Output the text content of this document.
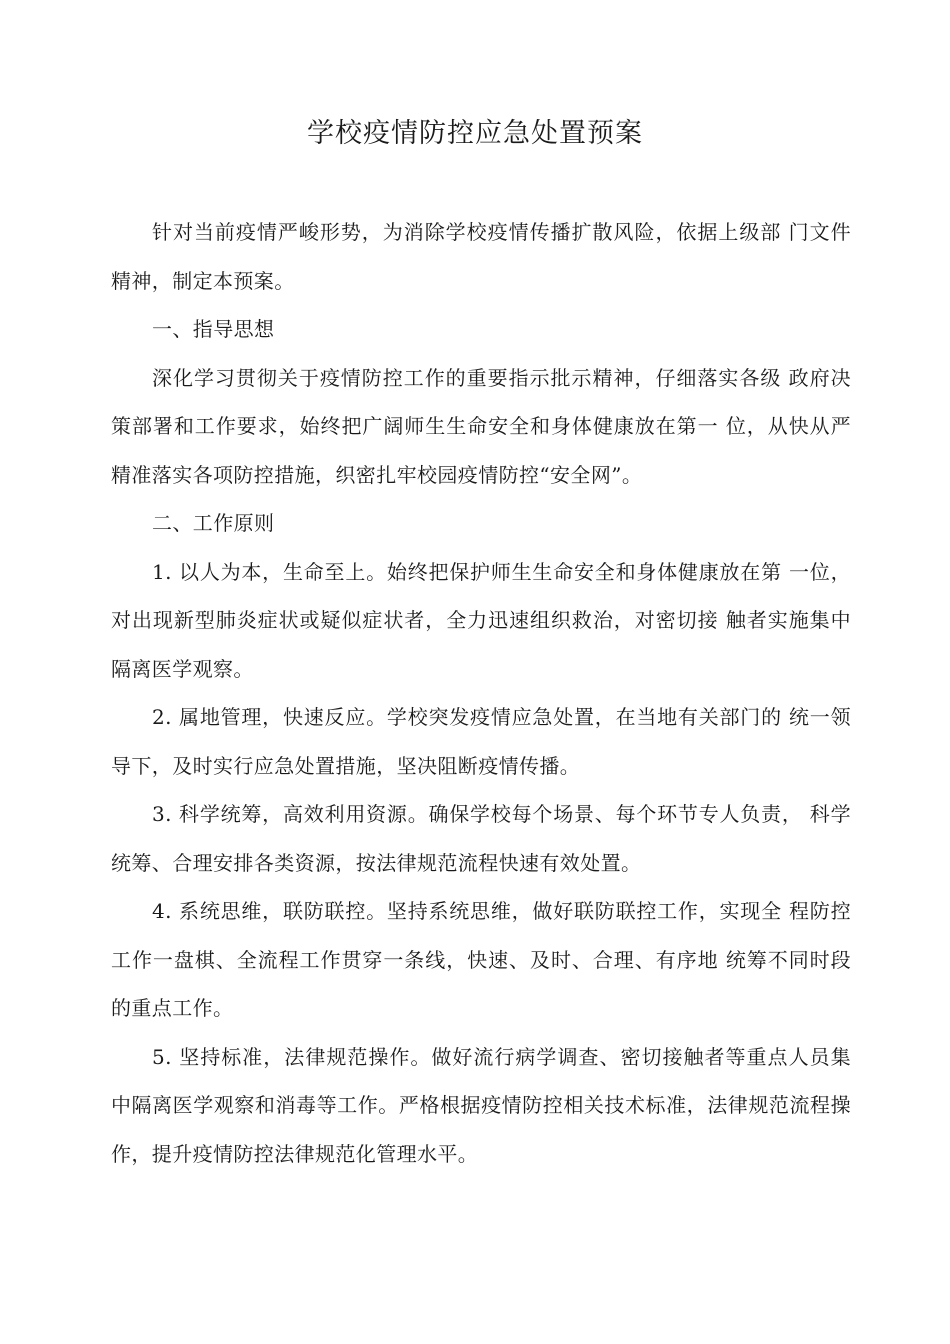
学校疫情防控应急处置预案

针对当前疫情严峻形势，为消除学校疫情传播扩散风险，依据上级部 门文件精神，制定本预案。

一、指导思想

深化学习贯彻关于疫情防控工作的重要指示批示精神，仔细落实各级 政府决策部署和工作要求，始终把广阔师生生命安全和身体健康放在第一 位，从快从严精准落实各项防控措施，织密扎牢校园疫情防控“安全网”。

二、工作原则

1. 以人为本，生命至上。始终把保护师生生命安全和身体健康放在第 一位，对出现新型肺炎症状或疑似症状者，全力迅速组织救治，对密切接 触者实施集中隔离医学观察。

2. 属地管理，快速反应。学校突发疫情应急处置，在当地有关部门的 统一领导下，及时实行应急处置措施，坚决阻断疫情传播。

3. 科学统筹，高效利用资源。确保学校每个场景、每个环节专人负责， 科学统筹、合理安排各类资源，按法律规范流程快速有效处置。

4. 系统思维，联防联控。坚持系统思维，做好联防联控工作，实现全 程防控工作一盘棋、全流程工作贯穿一条线，快速、及时、合理、有序地 统筹不同时段的重点工作。

5. 坚持标准，法律规范操作。做好流行病学调查、密切接触者等重点人员集中隔离医学观察和消毒等工作。严格根据疫情防控相关技术标准，法律规范流程操作，提升疫情防控法律规范化管理水平。
